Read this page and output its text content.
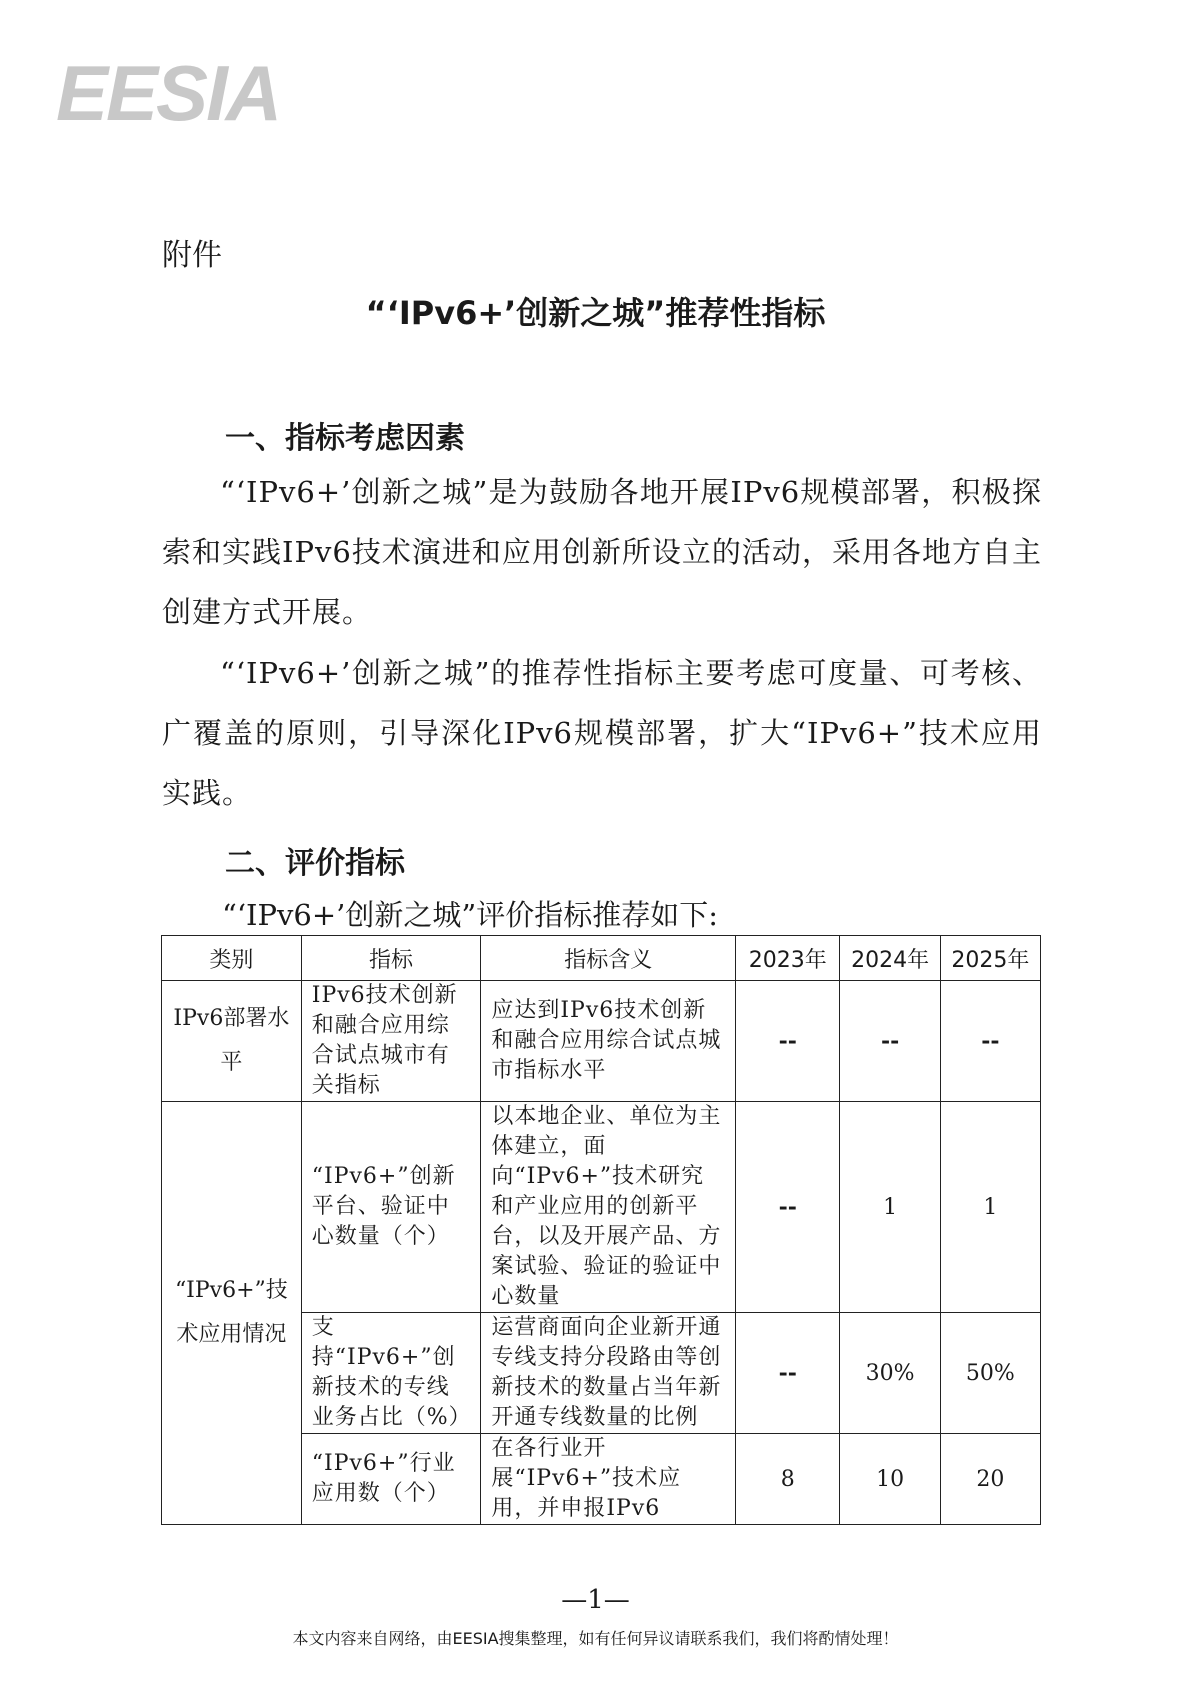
EESIA
附件
“‘IPv6+’创新之城”推荐性指标
一、指标考虑因素

“‘IPv6+’创新之城”是为鼓励各地开展IPv6规模部署，积极探索和实践IPv6技术演进和应用创新所设立的活动，采用各地方自主创建方式开展。

“‘IPv6+’创新之城”的推荐性指标主要考虑可度量、可考核、广覆盖的原则，引导深化IPv6规模部署，扩大“IPv6+”技术应用实践。

二、评价指标
“‘IPv6+’创新之城”评价指标推荐如下:
类别	指标	指标含义	2023年	2024年	2025年
IPv6部署水平	IPv6技术创新和融合应用综合试点城市有关指标	应达到IPv6技术创新和融合应用综合试点城市指标水平	--	--	--
“IPv6+”技术应用情况	“IPv6+”创新平台、验证中心数量（个）	以本地企业、单位为主体建立，面向“IPv6+”技术研究和产业应用的创新平台，以及开展产品、方案试验、验证的验证中心数量	--	1	1
	支持“IPv6+”创新技术的专线业务占比（%）	运营商面向企业新开通专线支持分段路由等创新技术的数量占当年新开通专线数量的比例	--	30%	50%
	“IPv6+”行业应用数（个）	在各行业开展“IPv6+”技术应用，并申报IPv6	8	10	20
—1—
本文内容来自网络，由EESIA搜集整理，如有任何异议请联系我们，我们将酌情处理！
